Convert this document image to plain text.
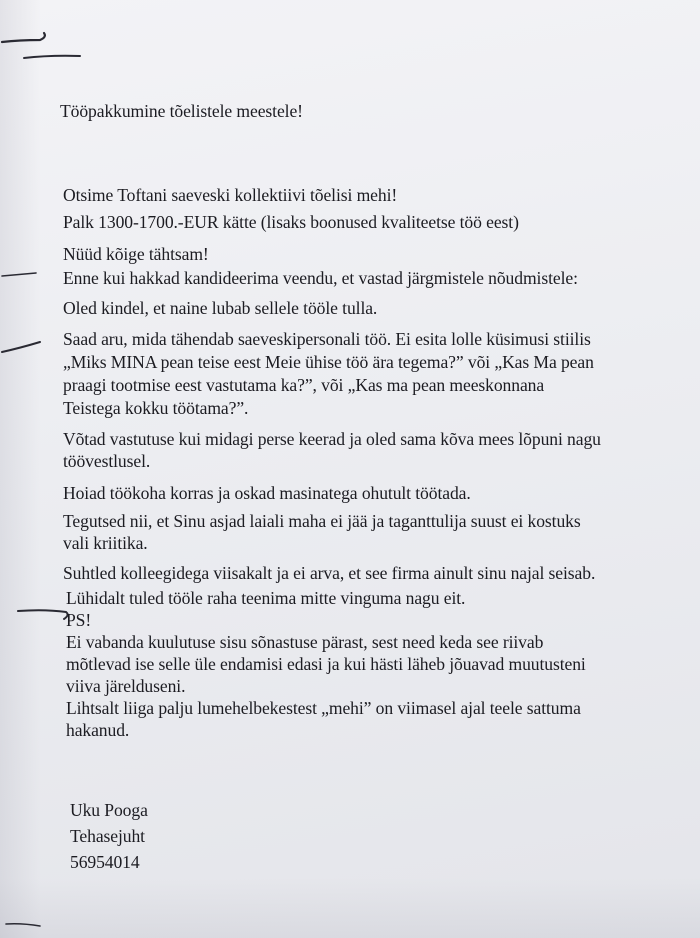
Tööpakkumine tõelistele meestele!
Otsime Toftani saeveski kollektiivi tõelisi mehi!
Palk 1300-1700.-EUR kätte (lisaks boonused kvaliteetse töö eest)
Nüüd kõige tähtsam!
Enne kui hakkad kandideerima veendu, et vastad järgmistele nõudmistele:
Oled kindel, et naine lubab sellele tööle tulla.
Saad aru, mida tähendab saeveskipersonali töö. Ei esita lolle küsimusi stiilis
„Miks MINA pean teise eest Meie ühise töö ära tegema?” või „Kas Ma pean
praagi tootmise eest vastutama ka?”, või „Kas ma pean meeskonnana
Teistega kokku töötama?”.
Võtad vastutuse kui midagi perse keerad ja oled sama kõva mees lõpuni nagu
töövestlusel.
Hoiad töökoha korras ja oskad masinatega ohutult töötada.
Tegutsed nii, et Sinu asjad laiali maha ei jää ja taganttulija suust ei kostuks
vali kriitika.
Suhtled kolleegidega viisakalt ja ei arva, et see firma ainult sinu najal seisab.
Lühidalt tuled tööle raha teenima mitte vinguma nagu eit.
PS!
Ei vabanda kuulutuse sisu sõnastuse pärast, sest need keda see riivab
mõtlevad ise selle üle endamisi edasi ja kui hästi läheb jõuavad muutusteni
viiva järelduseni.
Lihtsalt liiga palju lumehelbekestest „mehi” on viimasel ajal teele sattuma
hakanud.
Uku Pooga
Tehasejuht
56954014
